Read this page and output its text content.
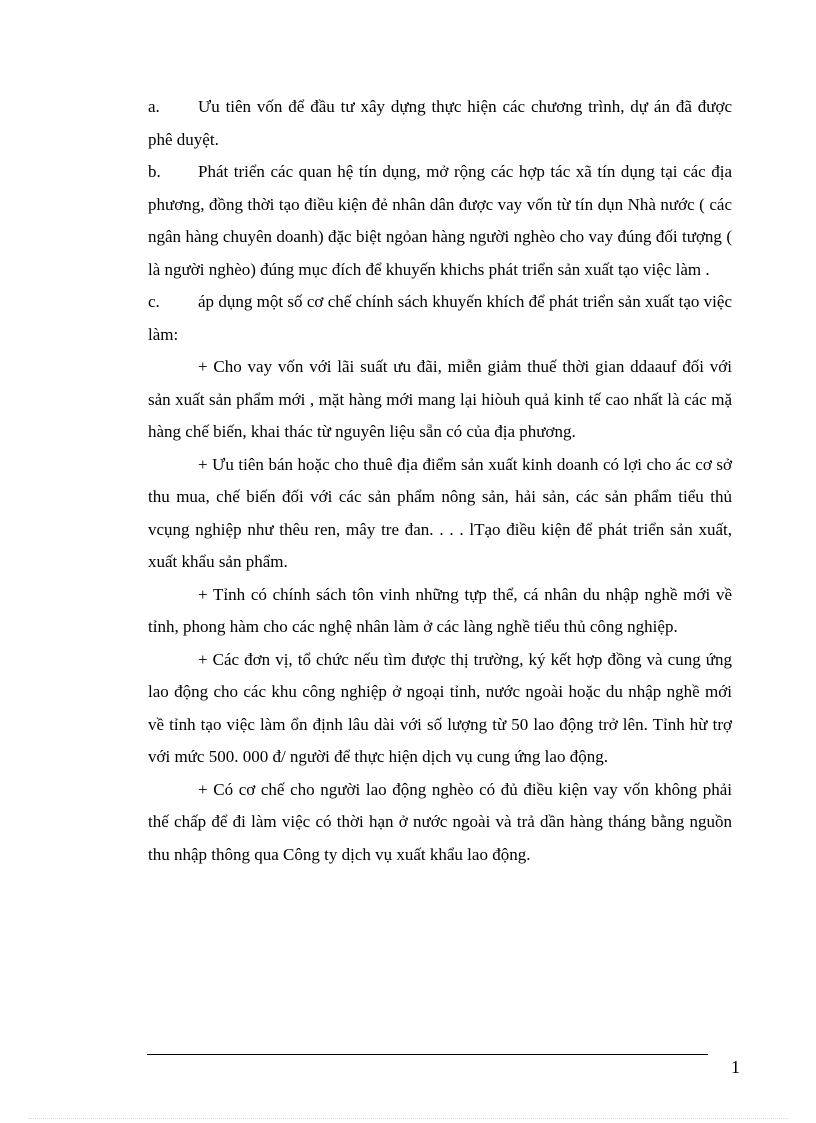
a. Ưu tiên vốn để đầu tư xây dựng thực hiện các chương trình, dự án đã được phê duyệt.

b. Phát triển các quan hệ tín dụng, mở rộng các hợp tác xã tín dụng tại các địa phương, đồng thời tạo điều kiện đẻ nhân dân được vay vốn từ tín dụn Nhà nước ( các ngân hàng chuyên doanh) đặc biệt ngỏan hàng người nghèo cho vay đúng đối tượng ( là người nghèo) đúng mục đích để khuyến khichs phát triển sản xuất tạo việc làm .

c. áp dụng một số cơ chế chính sách khuyến khích để phát triển sản xuất tạo việc làm:

+ Cho vay vốn với lãi suất ưu đãi, miễn giảm thuế thời gian ddaauf đối với sản xuất sản phẩm mới , mặt hàng mới mang lại hiòuh quả kinh tế cao nhất là các mặ hàng chế biến, khai thác từ nguyên liệu sẵn có của địa phương.

+ Ưu tiên bán hoặc cho thuê địa điểm sản xuất kinh doanh có lợi cho ác cơ sở thu mua, chế biến đối với các sản phẩm nông sản, hải sản, các sản phẩm tiểu thủ vcụng nghiệp như thêu ren, mây tre đan. . . . lTạo điều kiện để phát triển sản xuất, xuất khẩu sản phẩm.

+ Tỉnh có chính sách tôn vinh những tựp thể, cá nhân du nhập nghề mới về tỉnh, phong hàm cho các nghệ nhân làm ở các làng nghề tiểu thủ công nghiệp.

+ Các đơn vị, tổ chức nếu tìm được thị trường, ký kết hợp đồng và cung ứng lao động cho các khu công nghiệp ở ngoại tỉnh, nước ngoài hoặc du nhập nghề mới về tỉnh tạo việc làm ổn định lâu dài với số lượng từ 50 lao động trở lên. Tỉnh hừ trợ với mức 500. 000 đ/ người để thực hiện dịch vụ cung ứng lao động.

+ Có cơ chế cho người lao động nghèo có đủ điều kiện vay vốn không phải thế chấp để đi làm việc có thời hạn ở nước ngoài và trả dần hàng tháng bằng nguồn thu nhập thông qua Công ty dịch vụ xuất khẩu lao động.

1
